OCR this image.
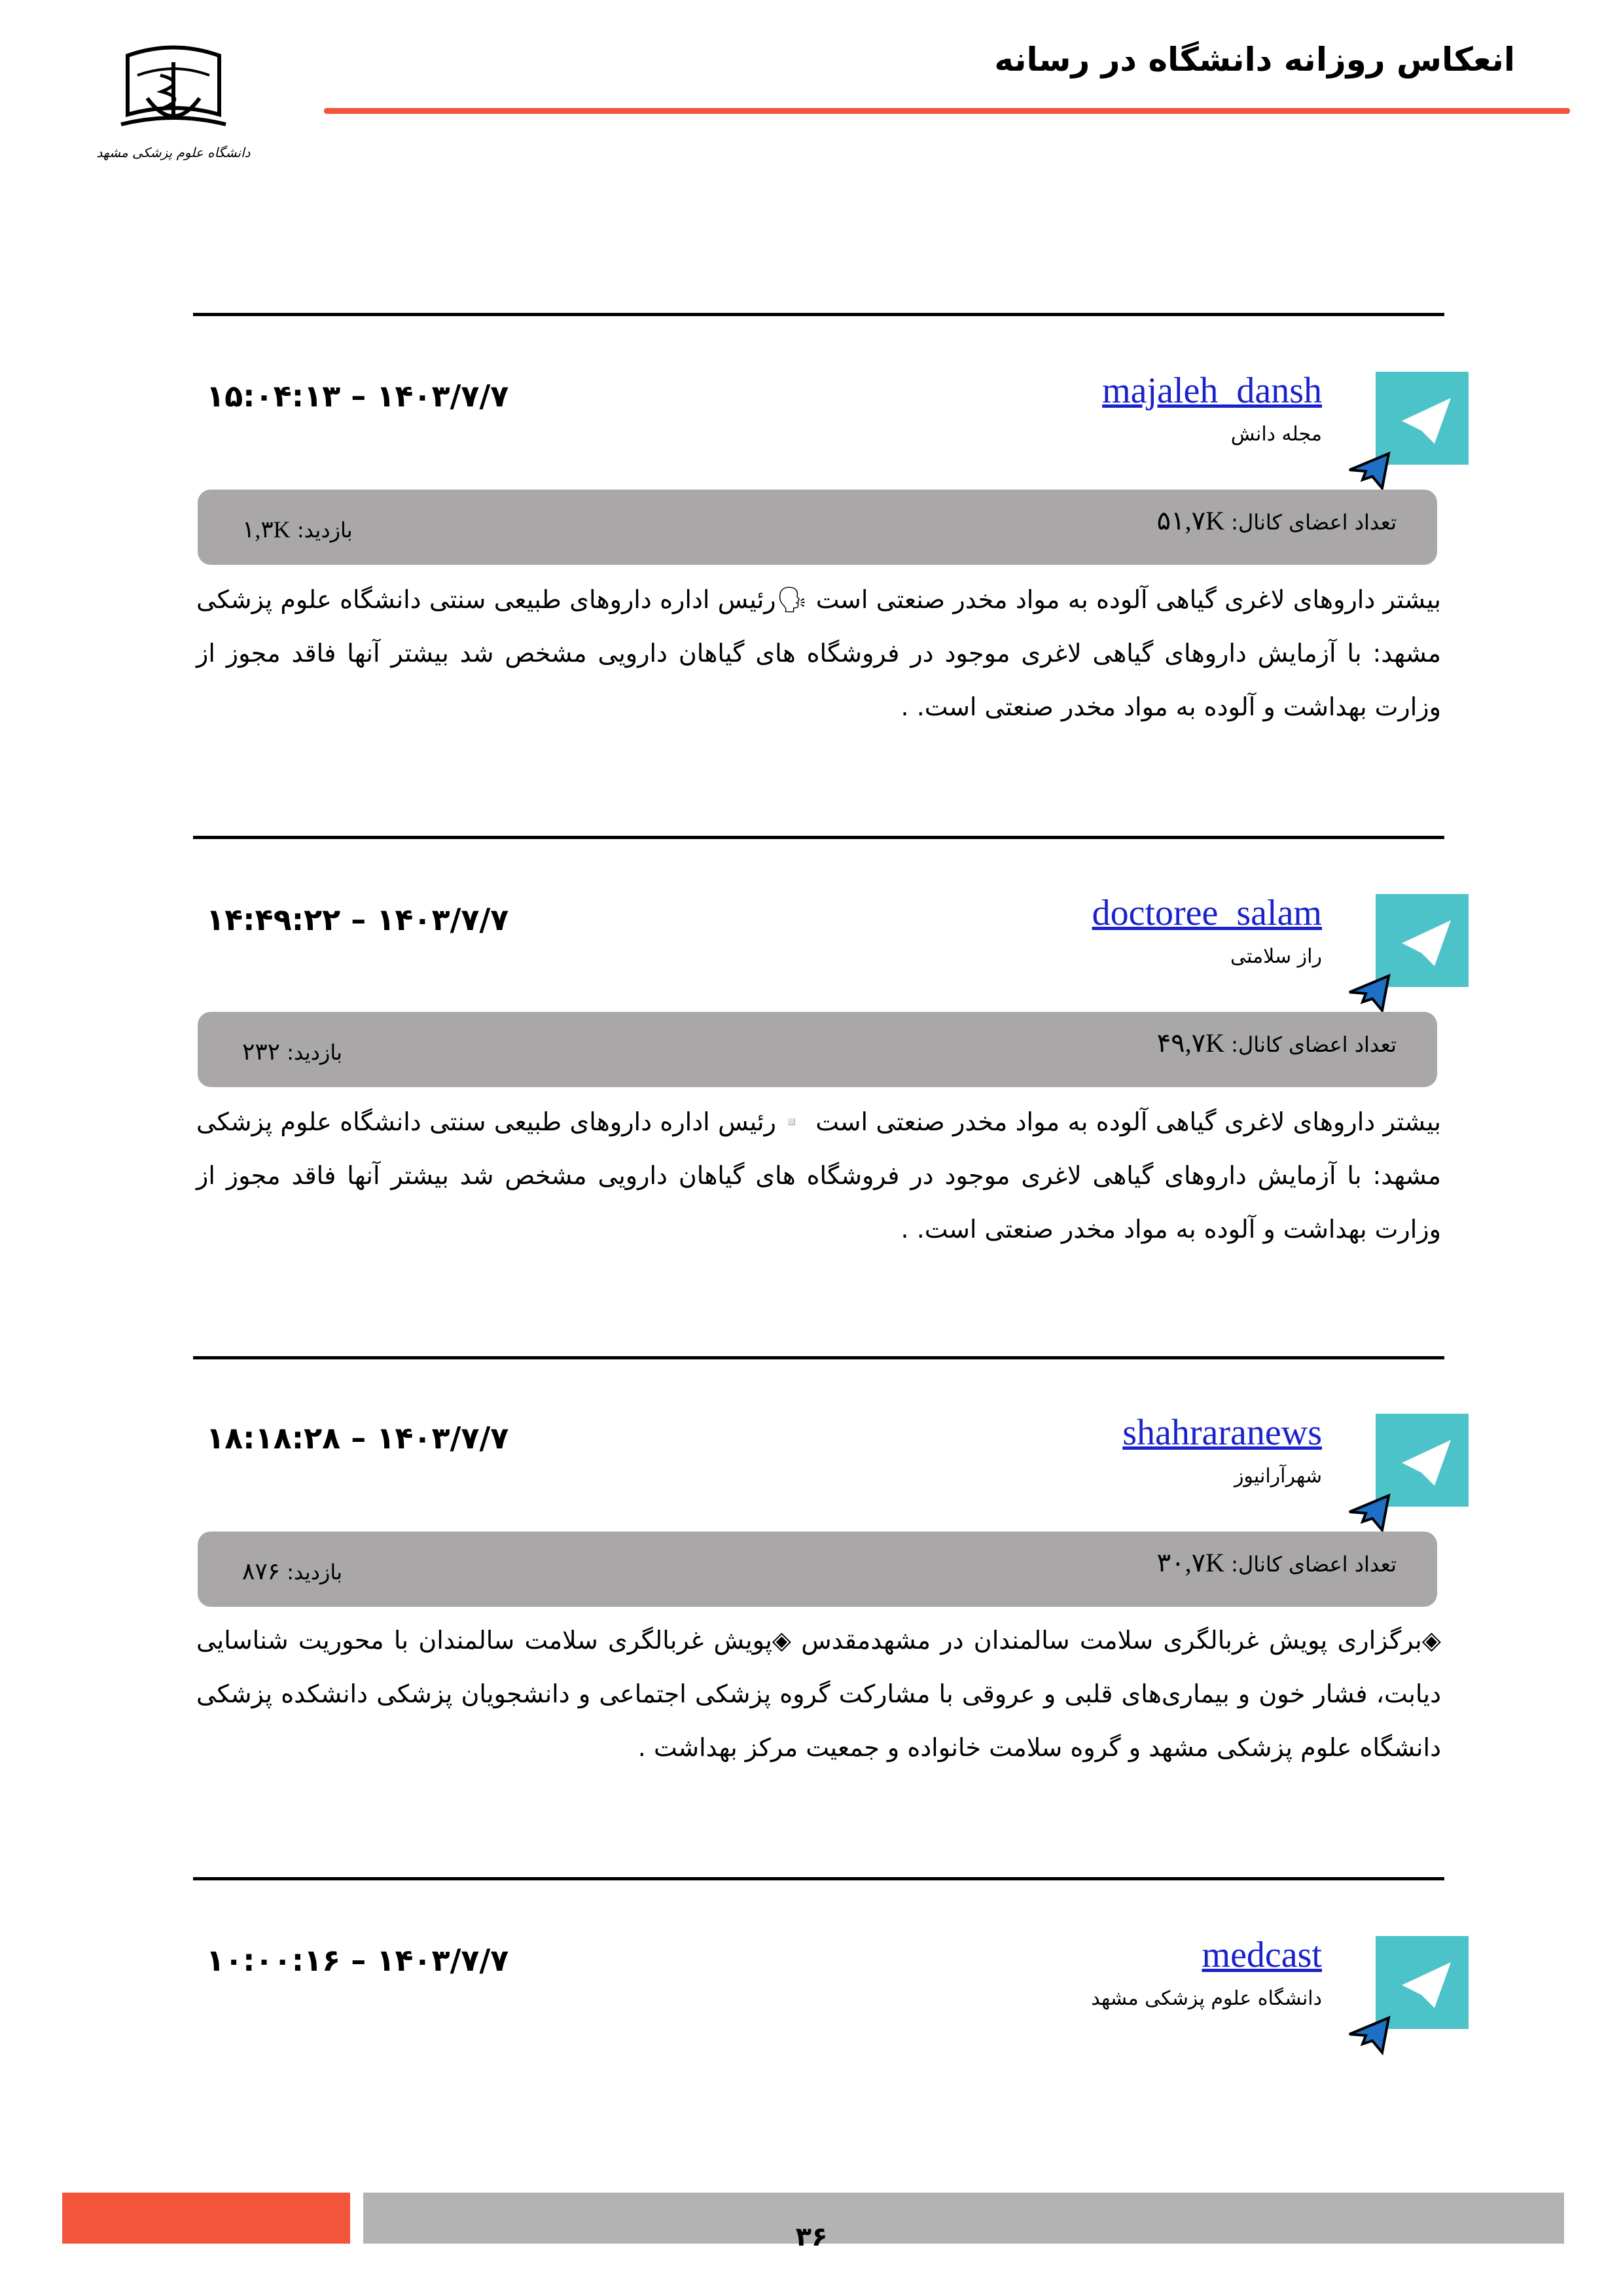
انعکاس روزانه دانشگاه در رسانه
دانشگاه علوم پزشکی مشهد
majaleh_dansh
مجله دانش
۱۵:۰۴:۱۳ – ۱۴۰۳/۷/۷
تعداد اعضای کانال: ۵۱,۷K
بازدید: ۱,۳K
بیشتر داروهای لاغری گیاهی آلوده به مواد مخدر صنعتی است 🗣رئیس اداره داروهای طبیعی سنتی دانشگاه علوم پزشکی مشهد: با آزمایش داروهای گیاهی لاغری موجود در فروشگاه های گیاهان دارویی مشخص شد بیشتر آنها فاقد مجوز از وزارت بهداشت و آلوده به مواد مخدر صنعتی است. .
doctoree_salam
راز سلامتی
۱۴:۴۹:۲۲ – ۱۴۰۳/۷/۷
تعداد اعضای کانال: ۴۹,۷K
بازدید: ۲۳۲
بیشتر داروهای لاغری گیاهی آلوده به مواد مخدر صنعتی است ▫️رئیس اداره داروهای طبیعی سنتی دانشگاه علوم پزشکی مشهد: با آزمایش داروهای گیاهی لاغری موجود در فروشگاه های گیاهان دارویی مشخص شد بیشتر آنها فاقد مجوز از وزارت بهداشت و آلوده به مواد مخدر صنعتی است. .
shahraranews
شهرآرانیوز
۱۸:۱۸:۲۸ – ۱۴۰۳/۷/۷
تعداد اعضای کانال: ۳۰,۷K
بازدید: ۸۷۶
◈برگزاری پویش غربالگری سلامت سالمندان در مشهدمقدس ◈پویش غربالگری سلامت سالمندان با محوریت شناسایی دیابت، فشار خون و بیماری‌های قلبی و عروقی با مشارکت گروه پزشکی اجتماعی و دانشجویان پزشکی دانشکده پزشکی دانشگاه علوم پزشکی مشهد و گروه سلامت خانواده و جمعیت مرکز بهداشت .
medcast
دانشگاه علوم پزشکی مشهد
۱۰:۰۰:۱۶ – ۱۴۰۳/۷/۷
۳۶
